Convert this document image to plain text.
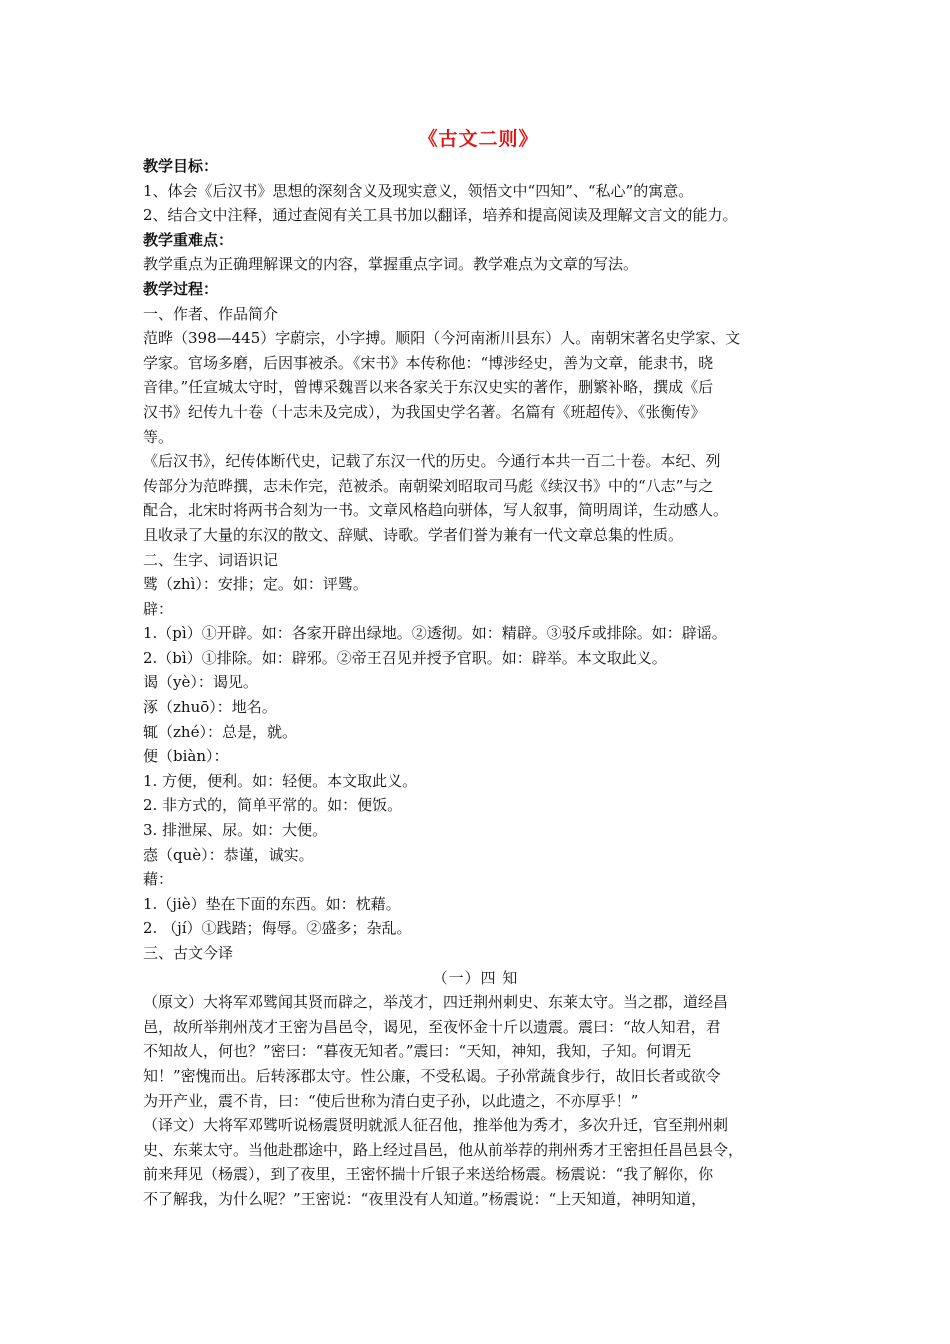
《古文二则》

教学目标：

1、体会《后汉书》思想的深刻含义及现实意义，领悟文中“四知”、“私心”的寓意。

2、结合文中注释，通过查阅有关工具书加以翻译，培养和提高阅读及理解文言文的能力。

教学重难点：

教学重点为正确理解课文的内容，掌握重点字词。教学难点为文章的写法。

教学过程：

一、作者、作品简介

范晔（398—445）字蔚宗，小字搏。顺阳（今河南淅川县东）人。南朝宋著名史学家、文

学家。官场多磨，后因事被杀。《宋书》本传称他：“博涉经史，善为文章，能隶书，晓

音律。”任宣城太守时，曾博采魏晋以来各家关于东汉史实的著作，删繁补略，撰成《后

汉书》纪传九十卷（十志未及完成），为我国史学名著。名篇有《班超传》、《张衡传》

等。

《后汉书》，纪传体断代史，记载了东汉一代的历史。今通行本共一百二十卷。本纪、列

传部分为范晔撰，志未作完，范被杀。南朝梁刘昭取司马彪《续汉书》中的“八志”与之

配合，北宋时将两书合刻为一书。文章风格趋向骈体，写人叙事，简明周详，生动感人。

且收录了大量的东汉的散文、辞赋、诗歌。学者们誉为兼有一代文章总集的性质。

二、生字、词语识记

骘（zhì）：安排；定。如：评骘。

辟：

1.（pì）①开辟。如：各家开辟出绿地。②透彻。如：精辟。③驳斥或排除。如：辟谣。

2.（bì）①排除。如：辟邪。②帝王召见并授予官职。如：辟举。本文取此义。

谒（yè）：谒见。

涿（zhuō）：地名。

辄（zhé）：总是，就。

便（biàn）：

1. 方便，便利。如：轻便。本文取此义。

2. 非方式的，简单平常的。如：便饭。

3. 排泄屎、尿。如：大便。

悫（què）：恭谨，诚实。

藉：

1.（jiè）垫在下面的东西。如：枕藉。

2. （jí）①践踏；侮辱。②盛多；杂乱。

三、古文今译

（一）四 知

（原文）大将军邓骘闻其贤而辟之，举茂才，四迁荆州刺史、东莱太守。当之郡，道经昌

邑，故所举荆州茂才王密为昌邑令，谒见，至夜怀金十斤以遗震。震曰：“故人知君，君

不知故人，何也？”密曰：“暮夜无知者。”震曰：“天知，神知，我知，子知。何谓无

知！”密愧而出。后转涿郡太守。性公廉，不受私谒。子孙常蔬食步行，故旧长者或欲令

为开产业，震不肯，曰：“使后世称为清白吏子孙，以此遗之，不亦厚乎！”

（译文）大将军邓骘听说杨震贤明就派人征召他，推举他为秀才，多次升迁，官至荆州刺

史、东莱太守。当他赴郡途中，路上经过昌邑，他从前举荐的荆州秀才王密担任昌邑县令，

前来拜见（杨震），到了夜里，王密怀揣十斤银子来送给杨震。杨震说：“我了解你，你

不了解我，为什么呢？”王密说：“夜里没有人知道。”杨震说：“上天知道，神明知道，
